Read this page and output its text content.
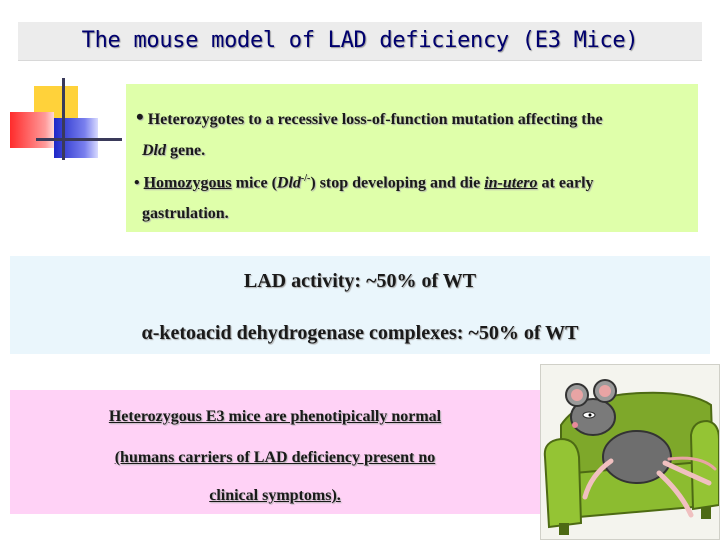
The mouse model of LAD deficiency (E3 Mice)
• Heterozygotes to a recessive loss-of-function mutation affecting the
Dld gene.
• Homozygous mice (Dld-/-) stop developing and die in-utero at early
gastrulation.
LAD activity: ~50% of WT
α-ketoacid dehydrogenase complexes: ~50% of WT
Heterozygous E3 mice are phenotipically normal
(humans carriers of LAD deficiency present no
clinical symptoms).
